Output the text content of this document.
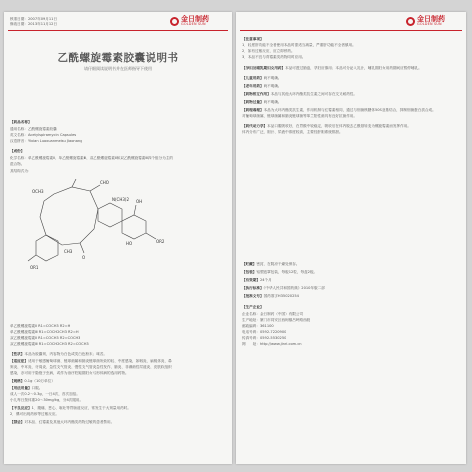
核准日期：2007年09月11日
修改日期：2013年11月12日
金日制药
GOLDEN SUN
乙酰螺旋霉素胶囊说明书
请仔细阅读说明书并在医师指导下使用
【药品名称】
通用名称：乙酰螺旋霉素胶囊
英文名称：Acetylspiramycin Capsules
汉语拼音：Yixian Luoxuanmeisu Jiaonang
【成份】
化学名称：单乙酰螺旋霉素Ⅱ、单乙酰螺旋霉素Ⅲ、双乙酰螺旋霉素Ⅱ和双乙酰螺旋霉素Ⅲ四个组分为主的
混合物。
其结构式为：
OCH3
CHO
O
N(CH3)2
OR1
OR2
OH
CH3
HO
单乙酰螺旋霉素Ⅱ R1=COCH3 R2=H
单乙酰螺旋霉素Ⅲ R1=COCH2CH3 R2=H
双乙酰螺旋霉素Ⅱ R1=COCH3 R2=COCH3
双乙酰螺旋霉素Ⅲ R1=COCH2CH3 R2=COCH3
【性状】本品为胶囊剂，内容物为白色或类白色粉末；味苦。
【适应症】适用于敏感葡萄球菌、链球菌属和肺炎链球菌所致的轻、中度感染，如咽炎、扁桃体炎、鼻
窦炎、中耳炎、牙周炎、急性支气管炎、慢性支气管炎急性发作、肺炎、非淋菌性尿道炎、皮肤软组织
感染，亦可用于隐孢子虫病，或作为治疗妊娠期妇女弓形体病的选用药物。
【规格】0.1g（10万单位）
【用法用量】口服。
成人一次0.2～0.3g，一日4次，首次加倍。
小儿每日按体重20～30mg/kg，分4次服用。
【不良反应】1．腹痛、恶心、呕吐等胃肠道反应，常发生于大剂量用药时。
2．偶可出现药疹等过敏反应。
【禁忌】对本品、红霉素及其他大环内酯类药物过敏的患者禁用。
金日制药
GOLDEN SUN
【注意事项】
1．轻度肝功能不全者使用本品时需适当减量，严重肝功能不全者慎用。
2．如有过敏反应，应立即停药。
3．本品不宜与青霉素类药物同时应用。
【孕妇及哺乳期妇女用药】本品可透过胎盘，孕妇应慎用；本品可分泌入乳汁，哺乳期妇女用药期间应暂停哺乳。
【儿童用药】尚不明确。
【老年用药】尚不明确。
【药物相互作用】本品与其他大环内酯类抗生素之间可存在交叉耐药性。
【药物过量】尚不明确。
【药理毒理】本品为大环内酯类抗生素，作用机制与红霉素相同，通过与细菌核糖体50S亚基结合，抑制细菌蛋白质合成。
对葡萄球菌属、链球菌属和肺炎链球菌等革兰阳性菌具有良好抗菌作用。
【药代动力学】本品口服吸收好，在胃酸中较稳定，吸收后在体内脱去乙酰基转变为螺旋霉素而发挥作用。
体内分布广泛，胆汁、尿液中浓度较高，主要经肝胆系统排泄。
【贮藏】密封，在阴凉干燥处保存。
【包装】铝塑泡罩包装，每板12粒，每盒2板。
【有效期】24个月
【执行标准】《中华人民共和国药典》2010年版二部
【批准文号】国药准字H35020254
【生产企业】
企业名称：金日制药（中国）有限公司
生产地址：厦门市同安区西柯镇吕岭路西段
邮政编码：361100
电话号码：0592-7220900
传真号码：0592-5530250
网　　址：http://www.jinri.com.cn
